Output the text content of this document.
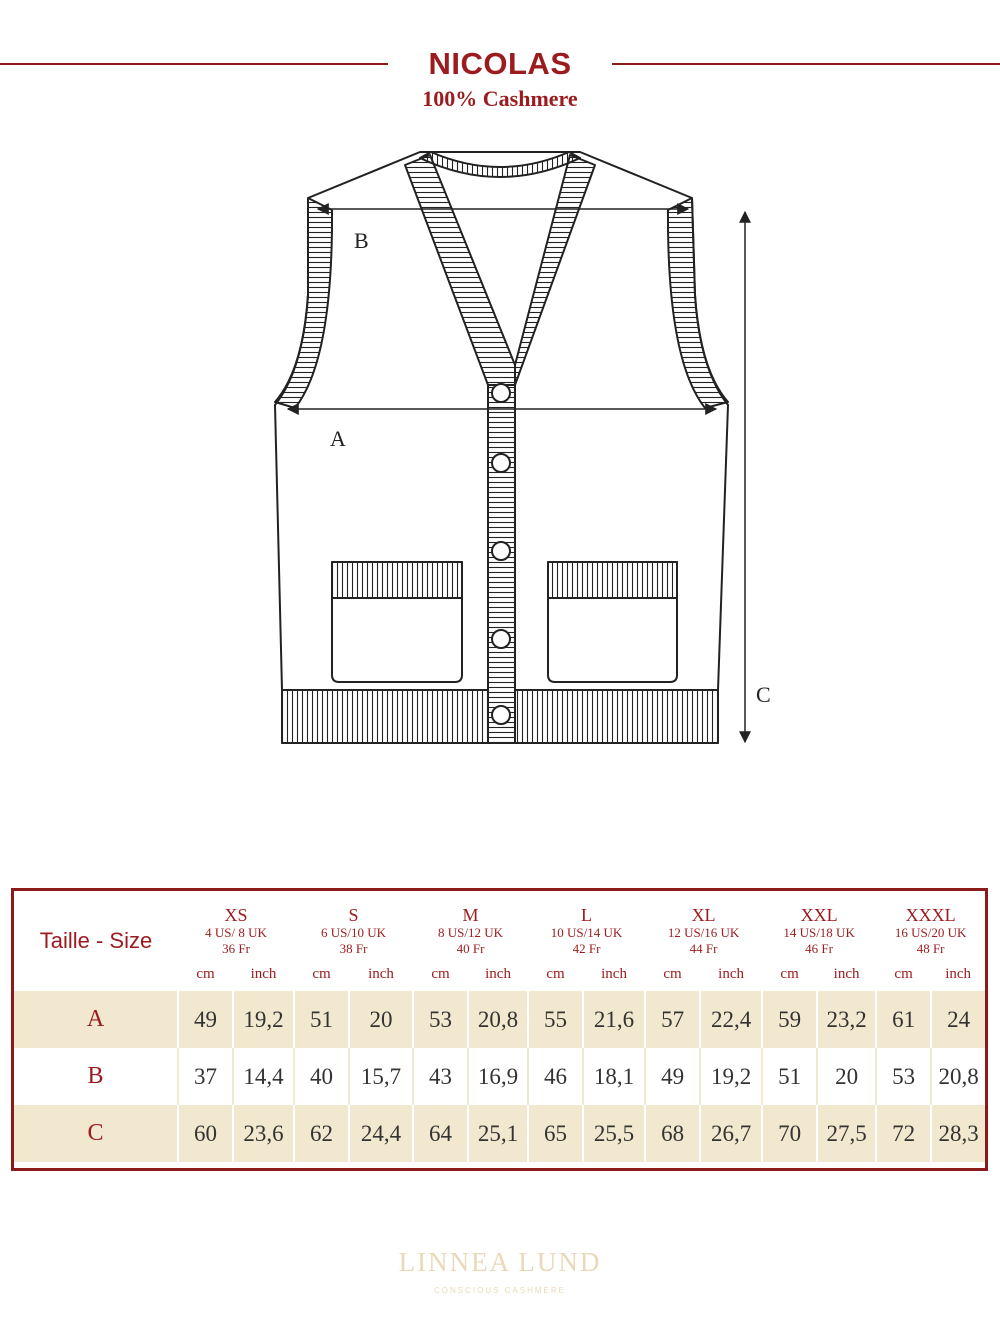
NICOLAS
100% Cashmere
B
A
C
Taille - Size	XS
4 US/ 8 UK
36 Fr		S
6 US/10 UK
38 Fr		M
8 US/12 UK
40 Fr		L
10 US/14 UK
42 Fr		XL
12 US/16 UK
44 Fr		XXL
14 US/18 UK
46 Fr		XXXL
16 US/20 UK
48 Fr	

	cm	inch	cm	inch	cm	inch	cm	inch	cm	inch	cm	inch	cm	inch
A	49	19,2	51	20	53	20,8	55	21,6	57	22,4	59	23,2	61	24
B	37	14,4	40	15,7	43	16,9	46	18,1	49	19,2	51	20	53	20,8
C	60	23,6	62	24,4	64	25,1	65	25,5	68	26,7	70	27,5	72	28,3
LINNEA LUND
CONSCIOUS CASHMERE
